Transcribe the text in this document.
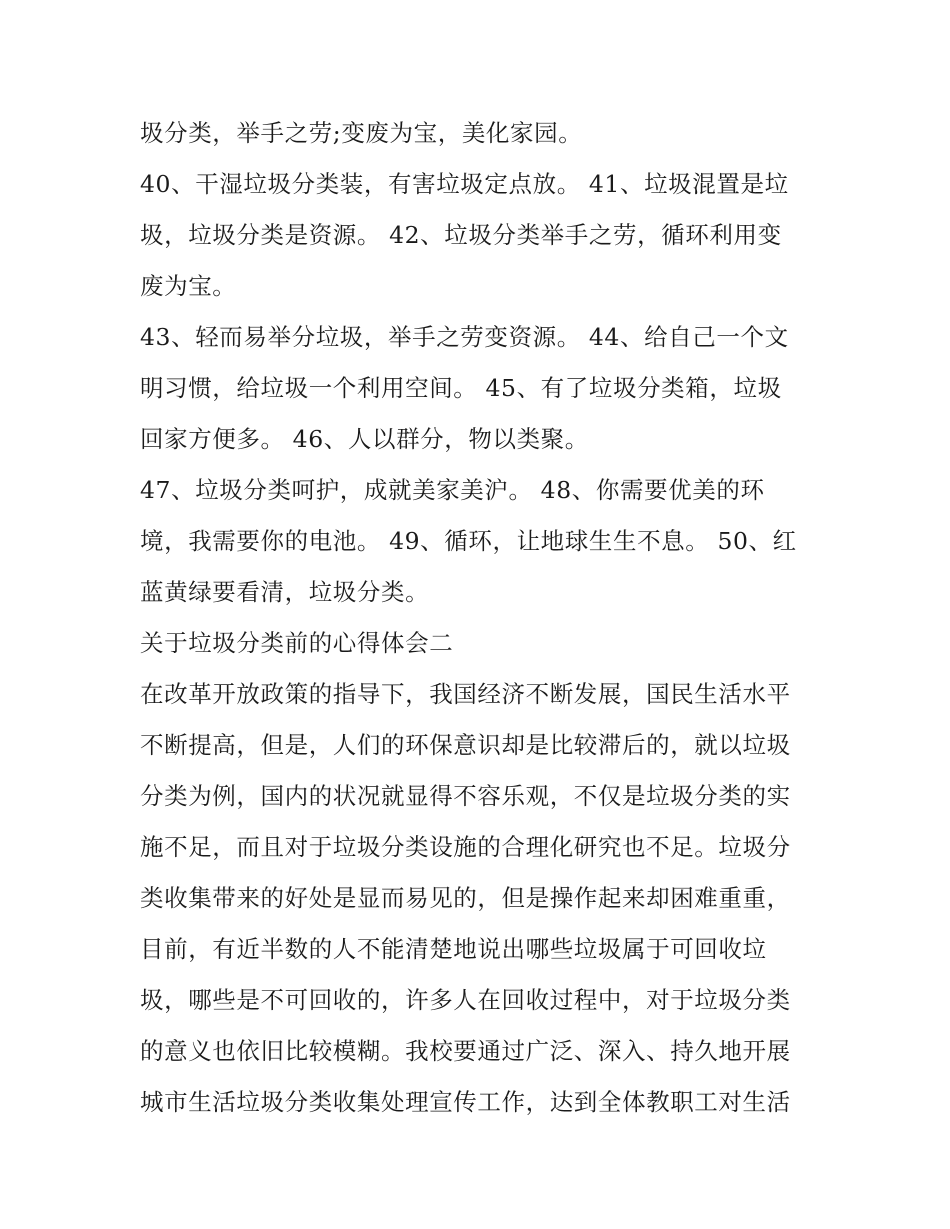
圾分类，举手之劳;变废为宝，美化家园。
40、干湿垃圾分类装，有害垃圾定点放。 41、垃圾混置是垃
圾，垃圾分类是资源。 42、垃圾分类举手之劳，循环利用变
废为宝。
43、轻而易举分垃圾，举手之劳变资源。 44、给自己一个文
明习惯，给垃圾一个利用空间。 45、有了垃圾分类箱，垃圾
回家方便多。 46、人以群分，物以类聚。
47、垃圾分类呵护，成就美家美沪。 48、你需要优美的环
境，我需要你的电池。 49、循环，让地球生生不息。 50、红
蓝黄绿要看清，垃圾分类。
关于垃圾分类前的心得体会二
在改革开放政策的指导下，我国经济不断发展，国民生活水平
不断提高，但是，人们的环保意识却是比较滞后的，就以垃圾
分类为例，国内的状况就显得不容乐观，不仅是垃圾分类的实
施不足，而且对于垃圾分类设施的合理化研究也不足。垃圾分
类收集带来的好处是显而易见的，但是操作起来却困难重重，
目前，有近半数的人不能清楚地说出哪些垃圾属于可回收垃
圾，哪些是不可回收的，许多人在回收过程中，对于垃圾分类
的意义也依旧比较模糊。我校要通过广泛、深入、持久地开展
城市生活垃圾分类收集处理宣传工作，达到全体教职工对生活
